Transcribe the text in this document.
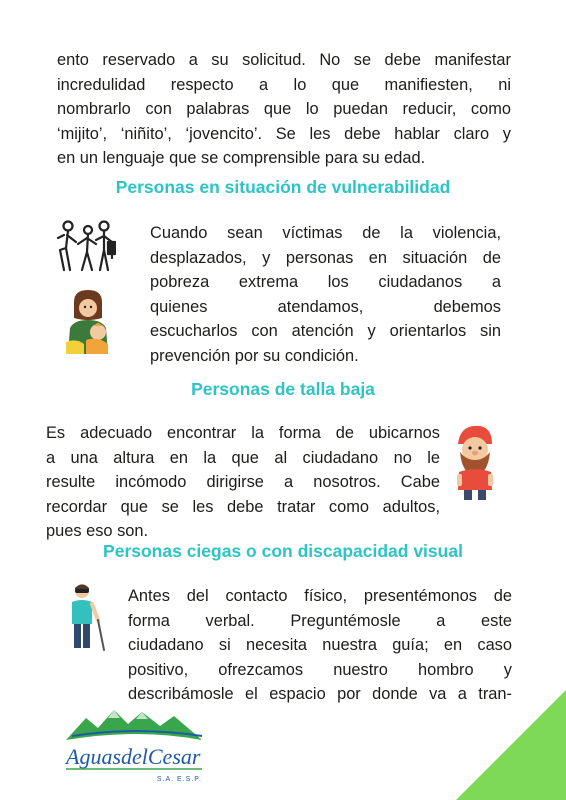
ento reservado a su solicitud. No se debe manifestar
incredulidad respecto a lo que manifiesten, ni
nombrarlo con palabras que lo puedan reducir, como
‘mijito’, ‘niñito’, ‘jovencito’. Se les debe hablar claro y
en un lenguaje que se comprensible para su edad.
Personas en situación de vulnerabilidad
Cuando sean víctimas de la violencia,
desplazados, y personas en situación de
pobreza extrema los ciudadanos a
quienes atendamos, debemos
escucharlos con atención y orientarlos sin
prevención por su condición.
Personas de talla baja
Es adecuado encontrar la forma de ubicarnos
a una altura en la que al ciudadano no le
resulte incómodo dirigirse a nosotros. Cabe
recordar que se les debe tratar como adultos,
pues eso son.
Personas ciegas o con discapacidad visual
Antes del contacto físico, presentémonos de
forma verbal. Preguntémosle a este
ciudadano si necesita nuestra guía; en caso
positivo, ofrezcamos nuestro hombro y
describámosle el espacio por donde va a tran-
AguasdelCesar
S.A. E.S.P.
